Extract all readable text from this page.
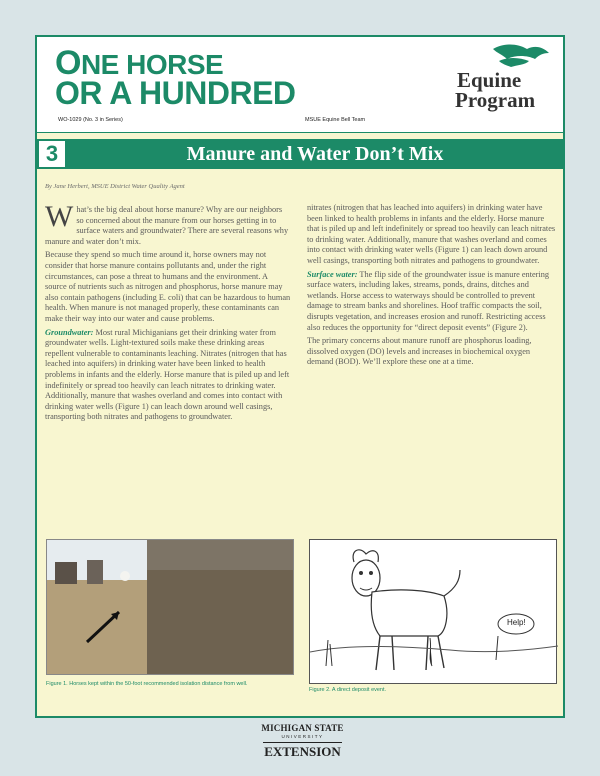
ONE HORSE
OR A HUNDRED	Equine
Program
WO-1029 (No. 3 in Series)	MSUE Equine Bell Team
3	Manure and Water Don’t Mix
By Jane Herbert, MSUE District Water Quality Agent

What’s the big deal about horse manure? Why are our neighbors so concerned about the manure from our horses getting in to surface waters and groundwater? There are several reasons why manure and water don’t mix.

Because they spend so much time around it, horse owners may not consider that horse manure contains pollutants and, under the right circumstances, can pose a threat to humans and the environment. A source of nutrients such as nitrogen and phosphorus, horse manure may also contain pathogens (including E. coli) that can be hazardous to human health. When manure is not managed properly, these contaminants can make their way into our water and cause problems.

Groundwater: Most rural Michiganians get their drinking water from groundwater wells. Light-textured soils make these drinking areas repellent vulnerable to contaminants leaching. Nitrates (nitrogen that has leached into aquifers) in drinking water have been linked to health problems in infants and the elderly. Horse manure that is piled up and left indefinitely or spread too heavily can leach nitrates to drinking water. Additionally, manure that washes overland and comes into contact with drinking water wells (Figure 1) can leach down around well casings, transporting both nitrates and pathogens to groundwater.

nitrates (nitrogen that has leached into aquifers) in drinking water have been linked to health problems in infants and the elderly. Horse manure that is piled up and left indefinitely or spread too heavily can leach nitrates to drinking water. Additionally, manure that washes overland and comes into contact with drinking water wells (Figure 1) can leach down around well casings, transporting both nitrates and pathogens to groundwater.

Surface water: The flip side of the groundwater issue is manure entering surface waters, including lakes, streams, ponds, drains, ditches and wetlands. Horse access to waterways should be controlled to prevent damage to stream banks and shorelines. Hoof traffic compacts the soil, disrupts vegetation, and increases erosion and runoff. Restricting access also reduces the opportunity for “direct deposit events” (Figure 2).

The primary concerns about manure runoff are phosphorus loading, dissolved oxygen (DO) levels and increases in biochemical oxygen demand (BOD). We’ll explore these one at a time.

Figure 1. Horses kept within the 50-foot recommended isolation distance from well.
Help!
Figure 2. A direct deposit event.
MICHIGAN STATE
UNIVERSITY
EXTENSION
